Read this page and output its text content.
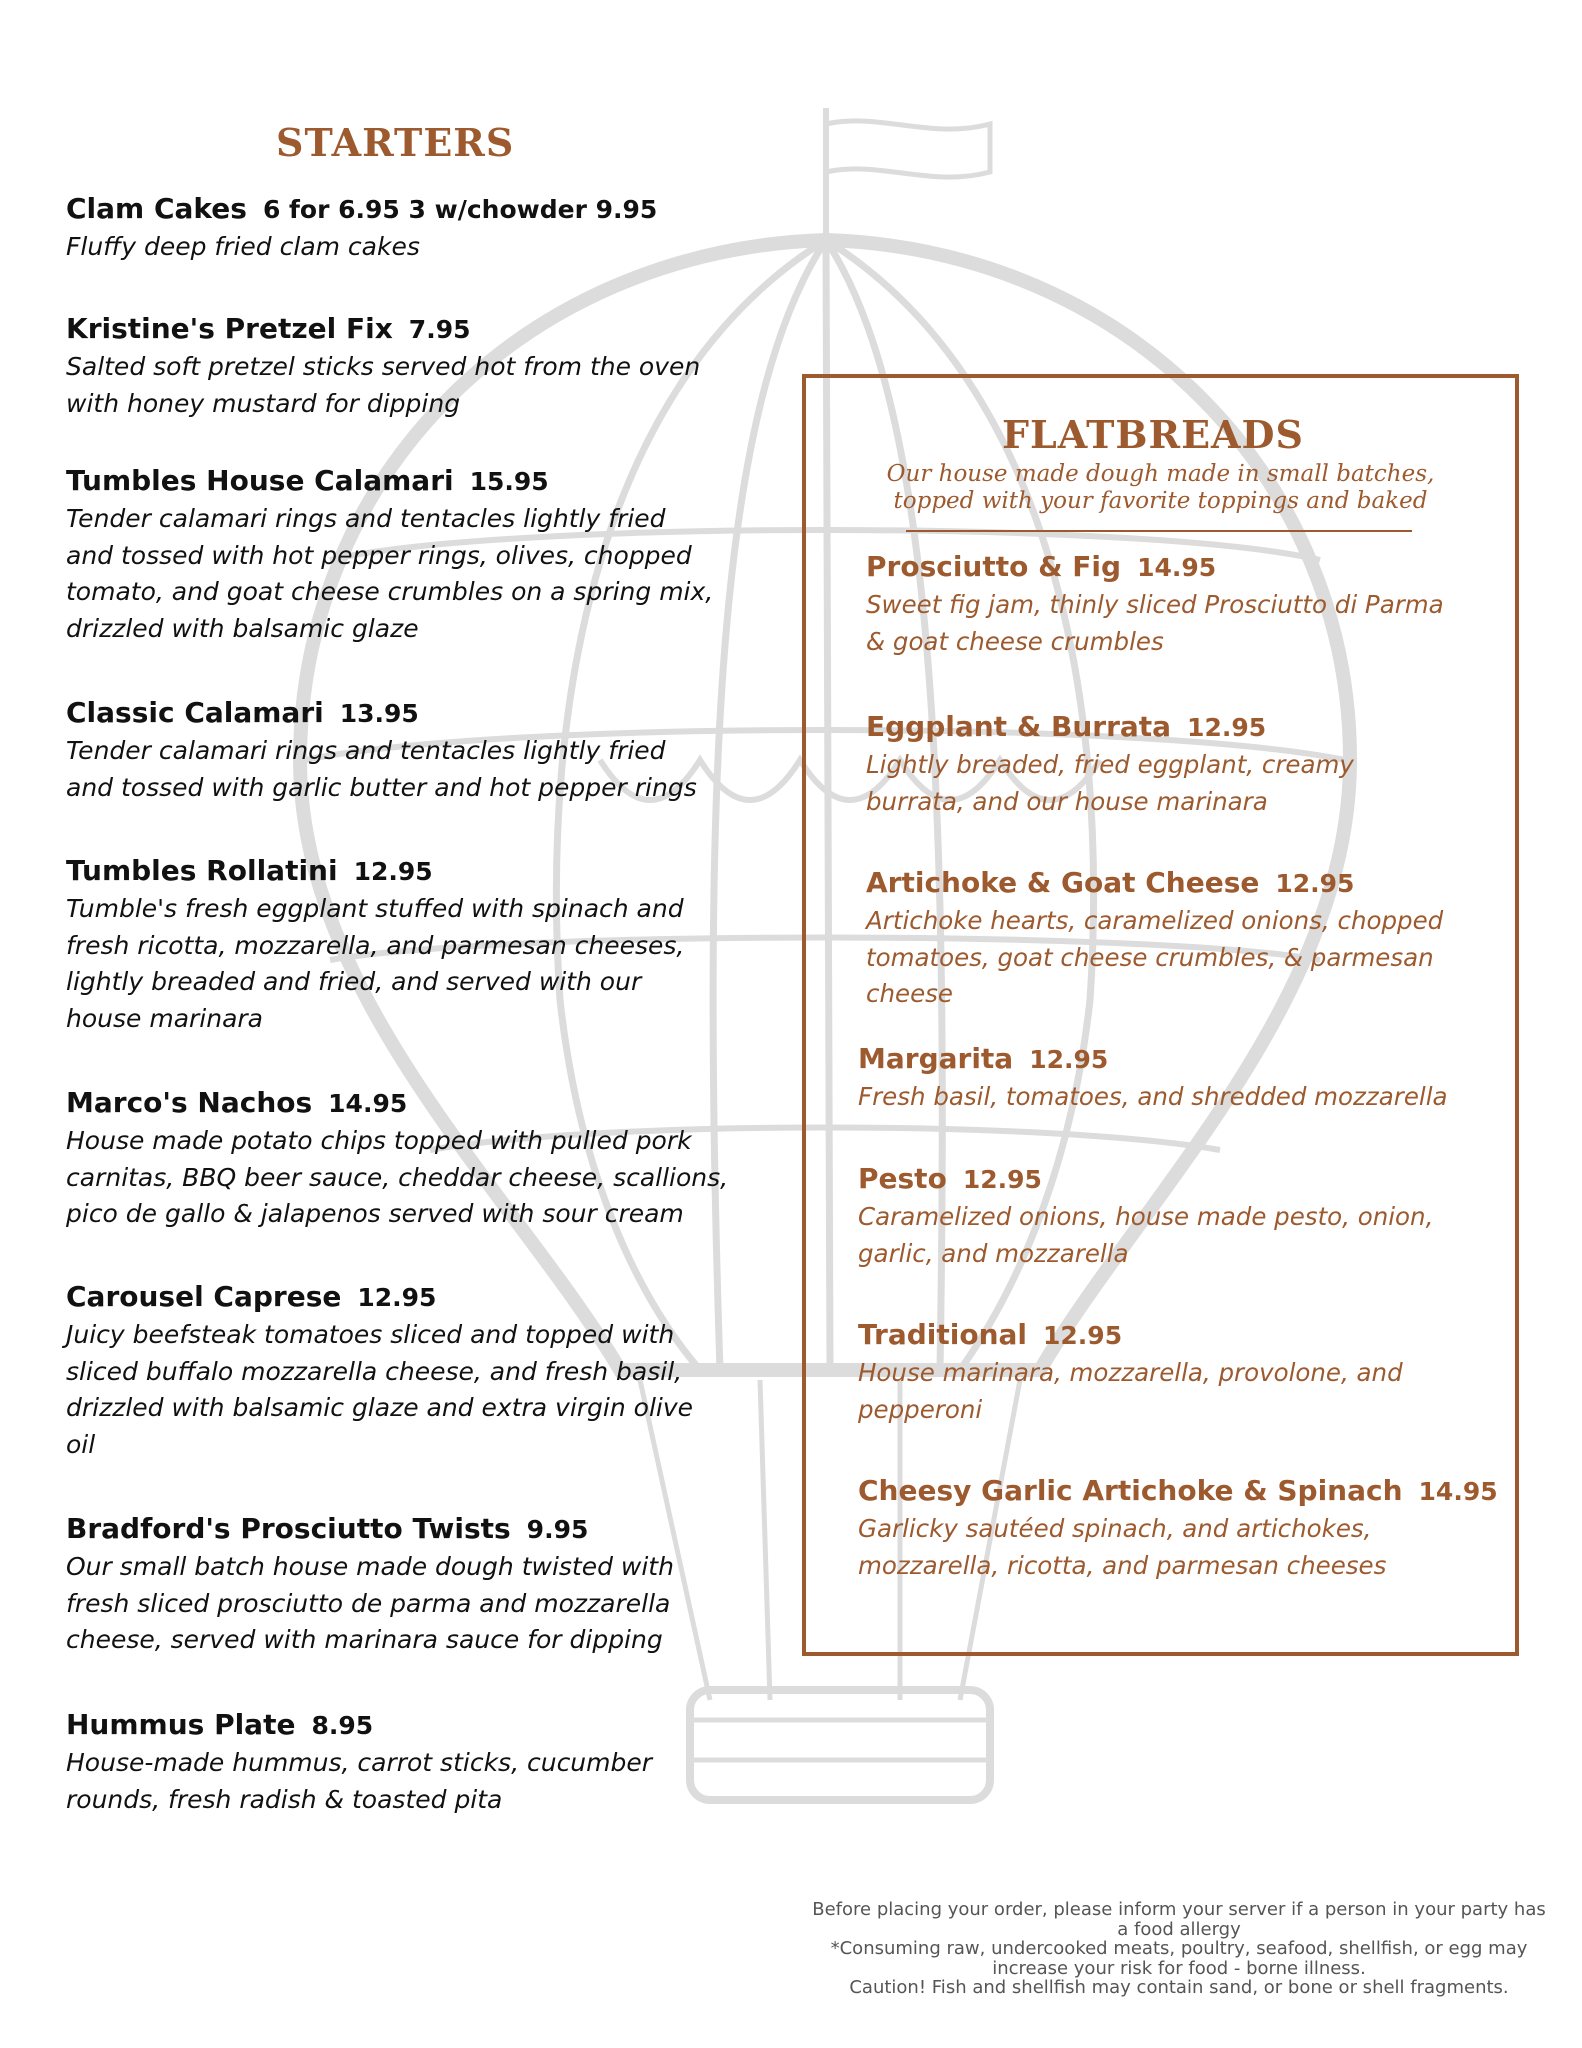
STARTERS
Clam Cakes 6 for 6.95 3 w/chowder 9.95
Fluffy deep fried clam cakes
Kristine's Pretzel Fix 7.95
Salted soft pretzel sticks served hot from the oven
with honey mustard for dipping
Tumbles House Calamari 15.95
Tender calamari rings and tentacles lightly fried
and tossed with hot pepper rings, olives, chopped
tomato, and goat cheese crumbles on a spring mix,
drizzled with balsamic glaze
Classic Calamari 13.95
Tender calamari rings and tentacles lightly fried
and tossed with garlic butter and hot pepper rings
Tumbles Rollatini 12.95
Tumble's fresh eggplant stuffed with spinach and
fresh ricotta, mozzarella, and parmesan cheeses,
lightly breaded and fried, and served with our
house marinara
Marco's Nachos 14.95
House made potato chips topped with pulled pork
carnitas, BBQ beer sauce, cheddar cheese, scallions,
pico de gallo & jalapenos served with sour cream
Carousel Caprese 12.95
Juicy beefsteak tomatoes sliced and topped with
sliced buffalo mozzarella cheese, and fresh basil,
drizzled with balsamic glaze and extra virgin olive
oil
Bradford's Prosciutto Twists 9.95
Our small batch house made dough twisted with
fresh sliced prosciutto de parma and mozzarella
cheese, served with marinara sauce for dipping
Hummus Plate 8.95
House-made hummus, carrot sticks, cucumber
rounds, fresh radish & toasted pita
FLATBREADS
Our house made dough made in small batches,
topped with your favorite toppings and baked
Prosciutto & Fig 14.95
Sweet fig jam, thinly sliced Prosciutto di Parma
& goat cheese crumbles
Eggplant & Burrata 12.95
Lightly breaded, fried eggplant, creamy
burrata, and our house marinara
Artichoke & Goat Cheese 12.95
Artichoke hearts, caramelized onions, chopped
tomatoes, goat cheese crumbles, & parmesan
cheese
Margarita 12.95
Fresh basil, tomatoes, and shredded mozzarella
Pesto 12.95
Caramelized onions, house made pesto, onion,
garlic, and mozzarella
Traditional 12.95
House marinara, mozzarella, provolone, and
pepperoni
Cheesy Garlic Artichoke & Spinach 14.95
Garlicky sautéed spinach, and artichokes,
mozzarella, ricotta, and parmesan cheeses
Before placing your order, please inform your server if a person in your party has
a food allergy
*Consuming raw, undercooked meats, poultry, seafood, shellfish, or egg may
increase your risk for food - borne illness.
Caution! Fish and shellfish may contain sand, or bone or shell fragments.
